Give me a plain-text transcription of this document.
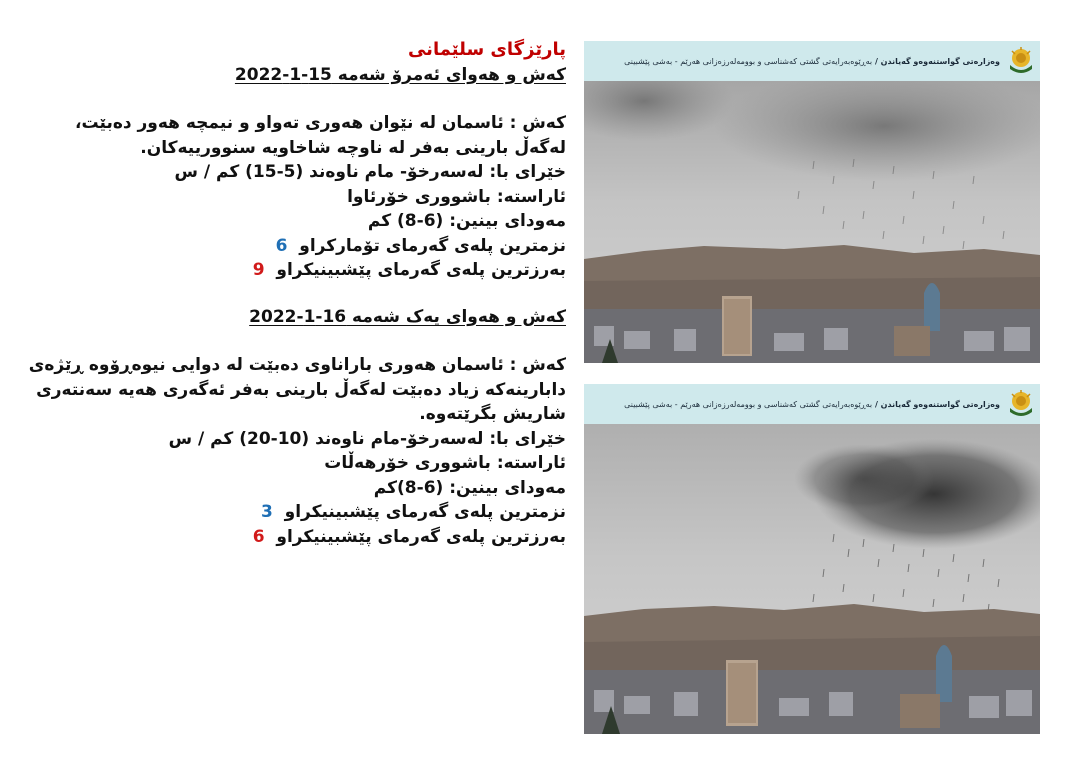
پارێزگای سلێمانی
کەش و هەوای ئەمرۆ شەمە 15-1-2022
کەش : ئاسمان لە نێوان هەوری تەواو و نیمچە هەور دەبێت، لەگەڵ بارینی بەفر لە ناوچە شاخاویە سنوورییەکان.
خێرای با: لەسەرخۆ- مام ناوەند (5-15) کم / س
ئاراستە: باشووری خۆرئاوا
مەودای بینین: (6-8) کم
نزمترین پلەی گەرمای تۆمارکراو  6
بەرزترین پلەی گەرمای پێشبینیکراو  9
کەش و هەوای یەک شەمە 16-1-2022
کەش : ئاسمان هەوری باراناوی دەبێت لە دوایی نیوەڕۆوە ڕێژەی دابارینەکە زیاد دەبێت لەگەڵ بارینی بەفر ئەگەری هەیە سەنتەری شاریش بگرێتەوە.
خێرای با: لەسەرخۆ-مام ناوەند (10-20) کم / س
ئاراستە: باشووری خۆرهەڵات
مەودای بینین: (6-8)کم
نزمترین پلەی گەرمای پێشبینیکراو  3
بەرزترین پلەی گەرمای پێشبینیکراو  6
وەزارەتی گواستنەوەو گەیاندن
/
بەڕێوەبەرایەتی گشتی کەشناسی و بوومەلەرزەزانی هەرێم - بەشی پێشبینی
وەزارەتی گواستنەوەو گەیاندن
/
بەڕێوەبەرایەتی گشتی کەشناسی و بوومەلەرزەزانی هەرێم - بەشی پێشبینی
